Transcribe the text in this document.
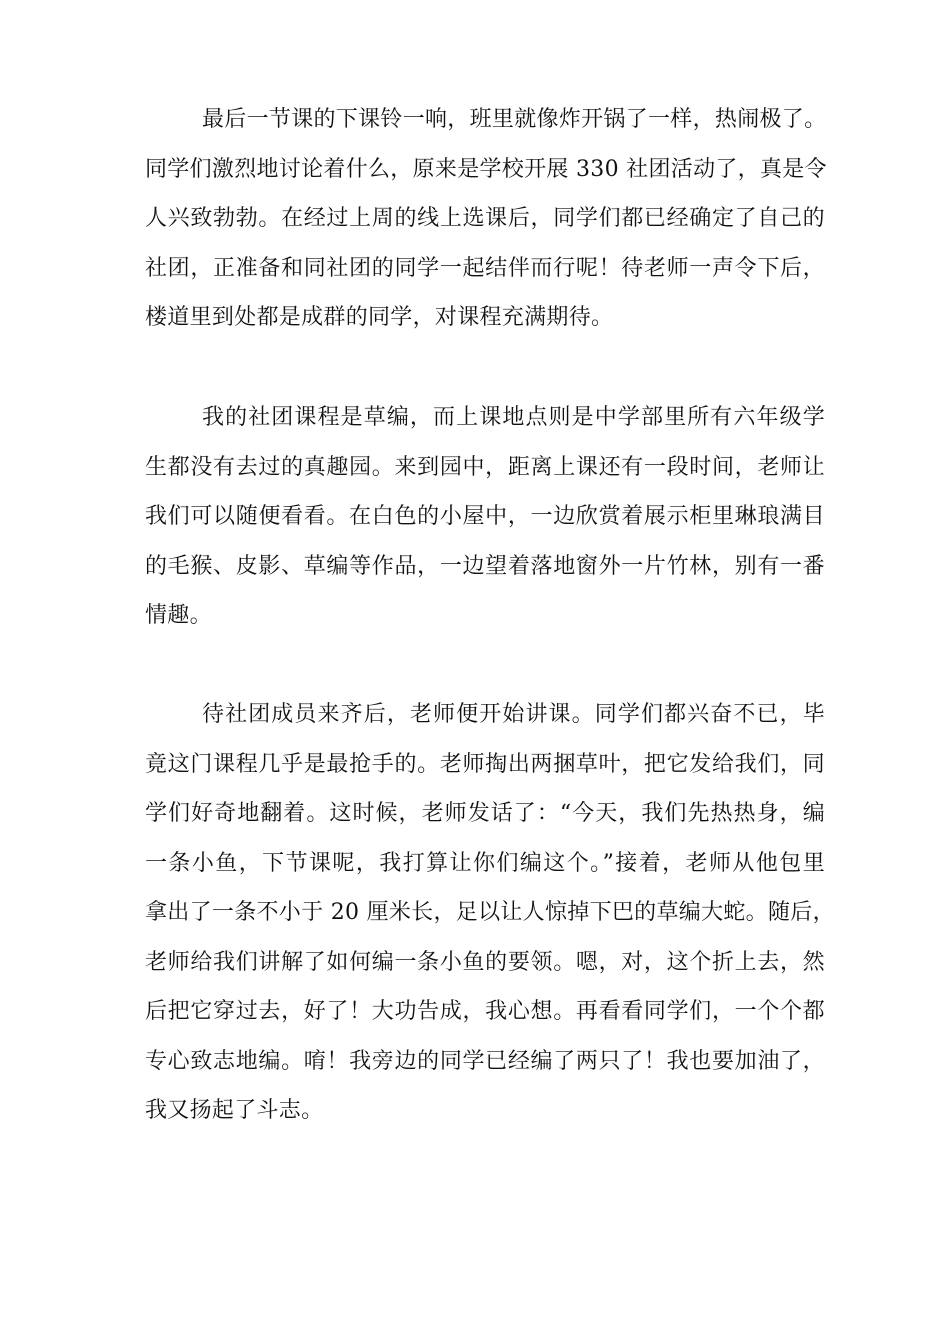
最后一节课的下课铃一响，班里就像炸开锅了一样，热闹极了。
同学们激烈地讨论着什么，原来是学校开展 330 社团活动了，真是令
人兴致勃勃。在经过上周的线上选课后，同学们都已经确定了自己的
社团，正准备和同社团的同学一起结伴而行呢！待老师一声令下后，
楼道里到处都是成群的同学，对课程充满期待。
我的社团课程是草编，而上课地点则是中学部里所有六年级学
生都没有去过的真趣园。来到园中，距离上课还有一段时间，老师让
我们可以随便看看。在白色的小屋中，一边欣赏着展示柜里琳琅满目
的毛猴、皮影、草编等作品，一边望着落地窗外一片竹林，别有一番
情趣。
待社团成员来齐后，老师便开始讲课。同学们都兴奋不已，毕
竟这门课程几乎是最抢手的。老师掏出两捆草叶，把它发给我们，同
学们好奇地翻着。这时候，老师发话了：“今天，我们先热热身，编
一条小鱼，下节课呢，我打算让你们编这个。”接着，老师从他包里
拿出了一条不小于 20 厘米长，足以让人惊掉下巴的草编大蛇。随后，
老师给我们讲解了如何编一条小鱼的要领。嗯，对，这个折上去，然
后把它穿过去，好了！大功告成，我心想。再看看同学们，一个个都
专心致志地编。唷！我旁边的同学已经编了两只了！我也要加油了，
我又扬起了斗志。
